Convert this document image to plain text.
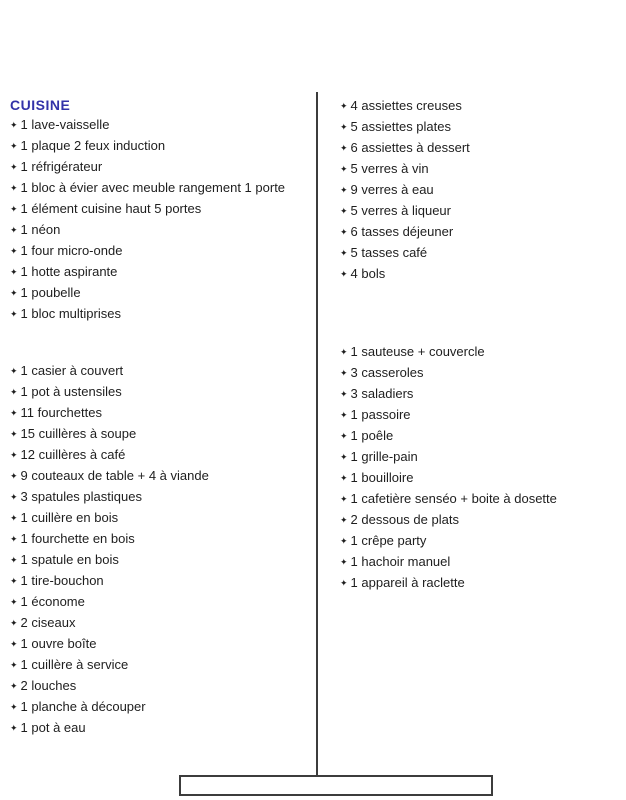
CUISINE
✦ 1 lave-vaisselle
✦ 1 plaque 2 feux induction
✦ 1 réfrigérateur
✦ 1 bloc à évier avec meuble rangement 1 porte
✦ 1 élément cuisine haut 5 portes
✦ 1 néon
✦ 1 four micro-onde
✦ 1 hotte aspirante
✦ 1 poubelle
✦ 1 bloc multiprises
✦ 1 casier à couvert
✦ 1 pot à ustensiles
✦ 11 fourchettes
✦ 15 cuillères à soupe
✦ 12 cuillères à café
✦ 9 couteaux de table + 4 à viande
✦ 3 spatules plastiques
✦ 1 cuillère en bois
✦ 1 fourchette en bois
✦ 1 spatule en bois
✦ 1 tire-bouchon
✦ 1 économe
✦ 2 ciseaux
✦ 1 ouvre boîte
✦ 1 cuillère à service
✦ 2 louches
✦ 1 planche à découper
✦ 1 pot à eau
✦ 4 assiettes creuses
✦ 5 assiettes plates
✦ 6 assiettes à dessert
✦ 5 verres à vin
✦ 9 verres à eau
✦ 5 verres à liqueur
✦ 6 tasses déjeuner
✦ 5 tasses café
✦ 4 bols
✦ 1 sauteuse + couvercle
✦ 3 casseroles
✦ 3 saladiers
✦ 1 passoire
✦ 1 poêle
✦ 1 grille-pain
✦ 1 bouilloire
✦ 1 cafetière senséo + boite à dosette
✦ 2 dessous de plats
✦ 1 crêpe party
✦ 1 hachoir manuel
✦ 1 appareil à raclette
